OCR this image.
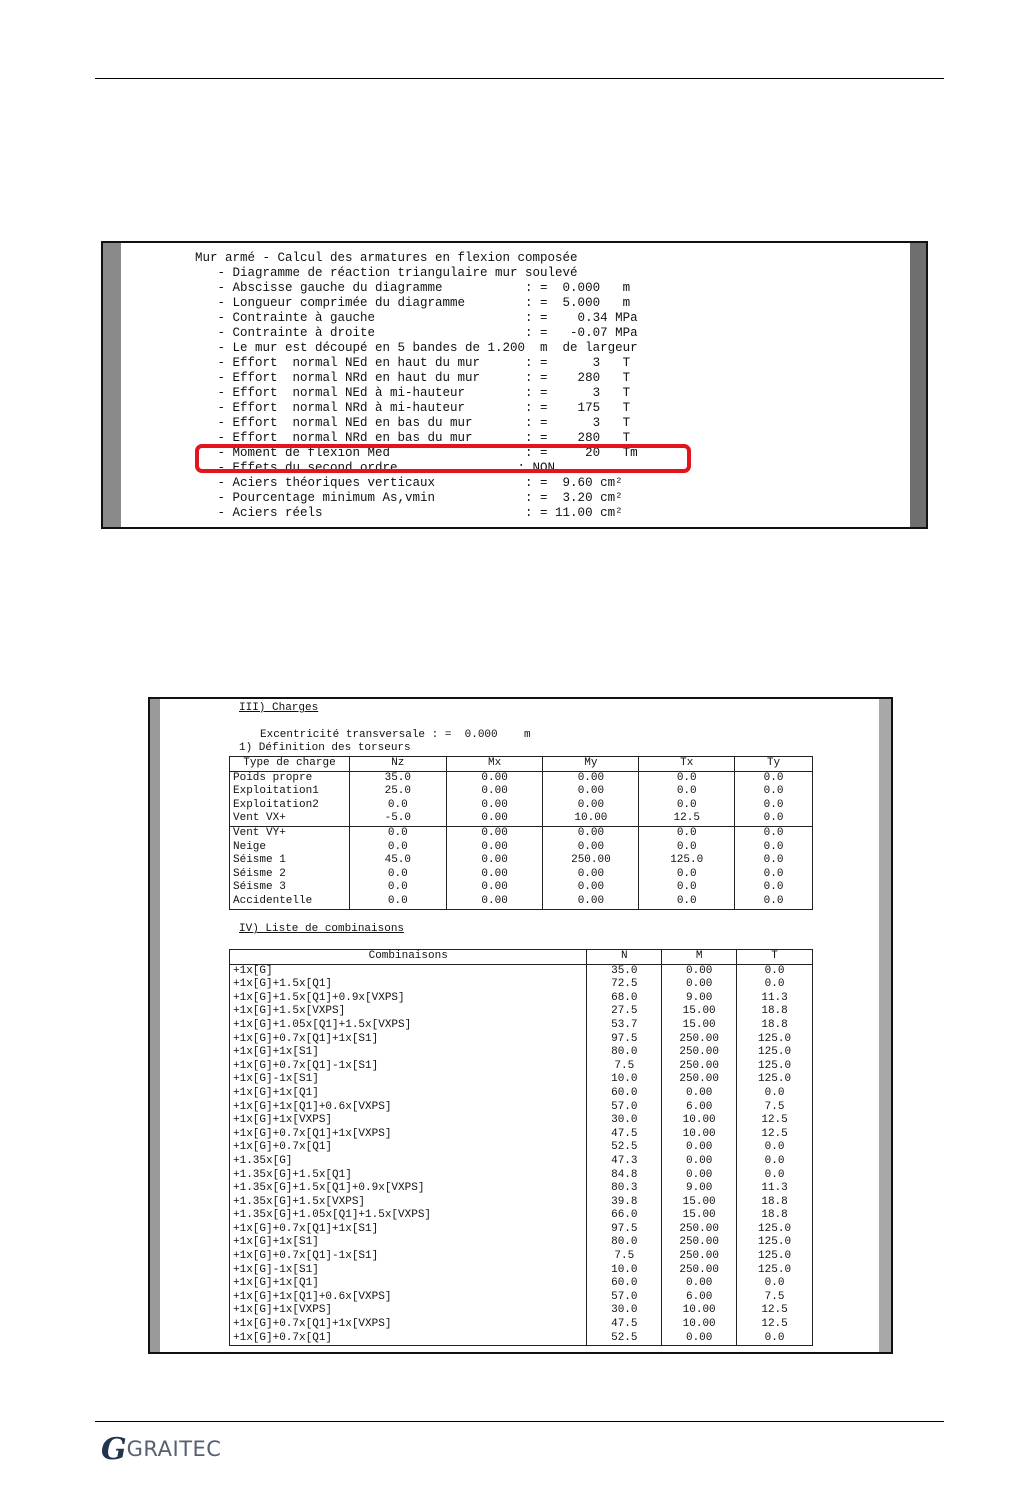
Mur armé - Calcul des armatures en flexion composée
- Diagramme de réaction triangulaire mur soulevé
- Abscisse gauche du diagramme           : =  0.000   m
- Longueur comprimée du diagramme        : =  5.000   m
- Contrainte à gauche                    : =    0.34 MPa
- Contrainte à droite                    : =   -0.07 MPa
- Le mur est découpé en 5 bandes de 1.200  m  de largeur
- Effort  normal NEd en haut du mur      : =      3   T
- Effort  normal NRd en haut du mur      : =    280   T
- Effort  normal NEd à mi-hauteur        : =      3   T
- Effort  normal NRd à mi-hauteur        : =    175   T
- Effort  normal NEd en bas du mur       : =      3   T
- Effort  normal NRd en bas du mur       : =    280   T
- Moment de flexion Med                  : =     20   Tm
- Effets du second ordre                : NON
- Aciers théoriques verticaux            : =  9.60 cm²
- Pourcentage minimum As,vmin            : =  3.20 cm²
- Aciers réels                           : = 11.00 cm²
III) Charges
Excentricité transversale : =  0.000    m
1) Définition des torseurs
Type de charge	Nz	Mx	My	Tx	Ty
Poids propre	35.0	0.00	0.00	0.0	0.0
Exploitation1	25.0	0.00	0.00	0.0	0.0
Exploitation2	0.0	0.00	0.00	0.0	0.0
Vent VX+	-5.0	0.00	10.00	12.5	0.0
Vent VY+	0.0	0.00	0.00	0.0	0.0
Neige	0.0	0.00	0.00	0.0	0.0
Séisme 1	45.0	0.00	250.00	125.0	0.0
Séisme 2	0.0	0.00	0.00	0.0	0.0
Séisme 3	0.0	0.00	0.00	0.0	0.0
Accidentelle	0.0	0.00	0.00	0.0	0.0
IV) Liste de combinaisons
Combinaisons	N	M	T
+1x[G]	35.0	0.00	0.0
+1x[G]+1.5x[Q1]	72.5	0.00	0.0
+1x[G]+1.5x[Q1]+0.9x[VXPS]	68.0	9.00	11.3
+1x[G]+1.5x[VXPS]	27.5	15.00	18.8
+1x[G]+1.05x[Q1]+1.5x[VXPS]	53.7	15.00	18.8
+1x[G]+0.7x[Q1]+1x[S1]	97.5	250.00	125.0
+1x[G]+1x[S1]	80.0	250.00	125.0
+1x[G]+0.7x[Q1]-1x[S1]	7.5	250.00	125.0
+1x[G]-1x[S1]	10.0	250.00	125.0
+1x[G]+1x[Q1]	60.0	0.00	0.0
+1x[G]+1x[Q1]+0.6x[VXPS]	57.0	6.00	7.5
+1x[G]+1x[VXPS]	30.0	10.00	12.5
+1x[G]+0.7x[Q1]+1x[VXPS]	47.5	10.00	12.5
+1x[G]+0.7x[Q1]	52.5	0.00	0.0
+1.35x[G]	47.3	0.00	0.0
+1.35x[G]+1.5x[Q1]	84.8	0.00	0.0
+1.35x[G]+1.5x[Q1]+0.9x[VXPS]	80.3	9.00	11.3
+1.35x[G]+1.5x[VXPS]	39.8	15.00	18.8
+1.35x[G]+1.05x[Q1]+1.5x[VXPS]	66.0	15.00	18.8
+1x[G]+0.7x[Q1]+1x[S1]	97.5	250.00	125.0
+1x[G]+1x[S1]	80.0	250.00	125.0
+1x[G]+0.7x[Q1]-1x[S1]	7.5	250.00	125.0
+1x[G]-1x[S1]	10.0	250.00	125.0
+1x[G]+1x[Q1]	60.0	0.00	0.0
+1x[G]+1x[Q1]+0.6x[VXPS]	57.0	6.00	7.5
+1x[G]+1x[VXPS]	30.0	10.00	12.5
+1x[G]+0.7x[Q1]+1x[VXPS]	47.5	10.00	12.5
+1x[G]+0.7x[Q1]	52.5	0.00	0.0
G GRAITEC
